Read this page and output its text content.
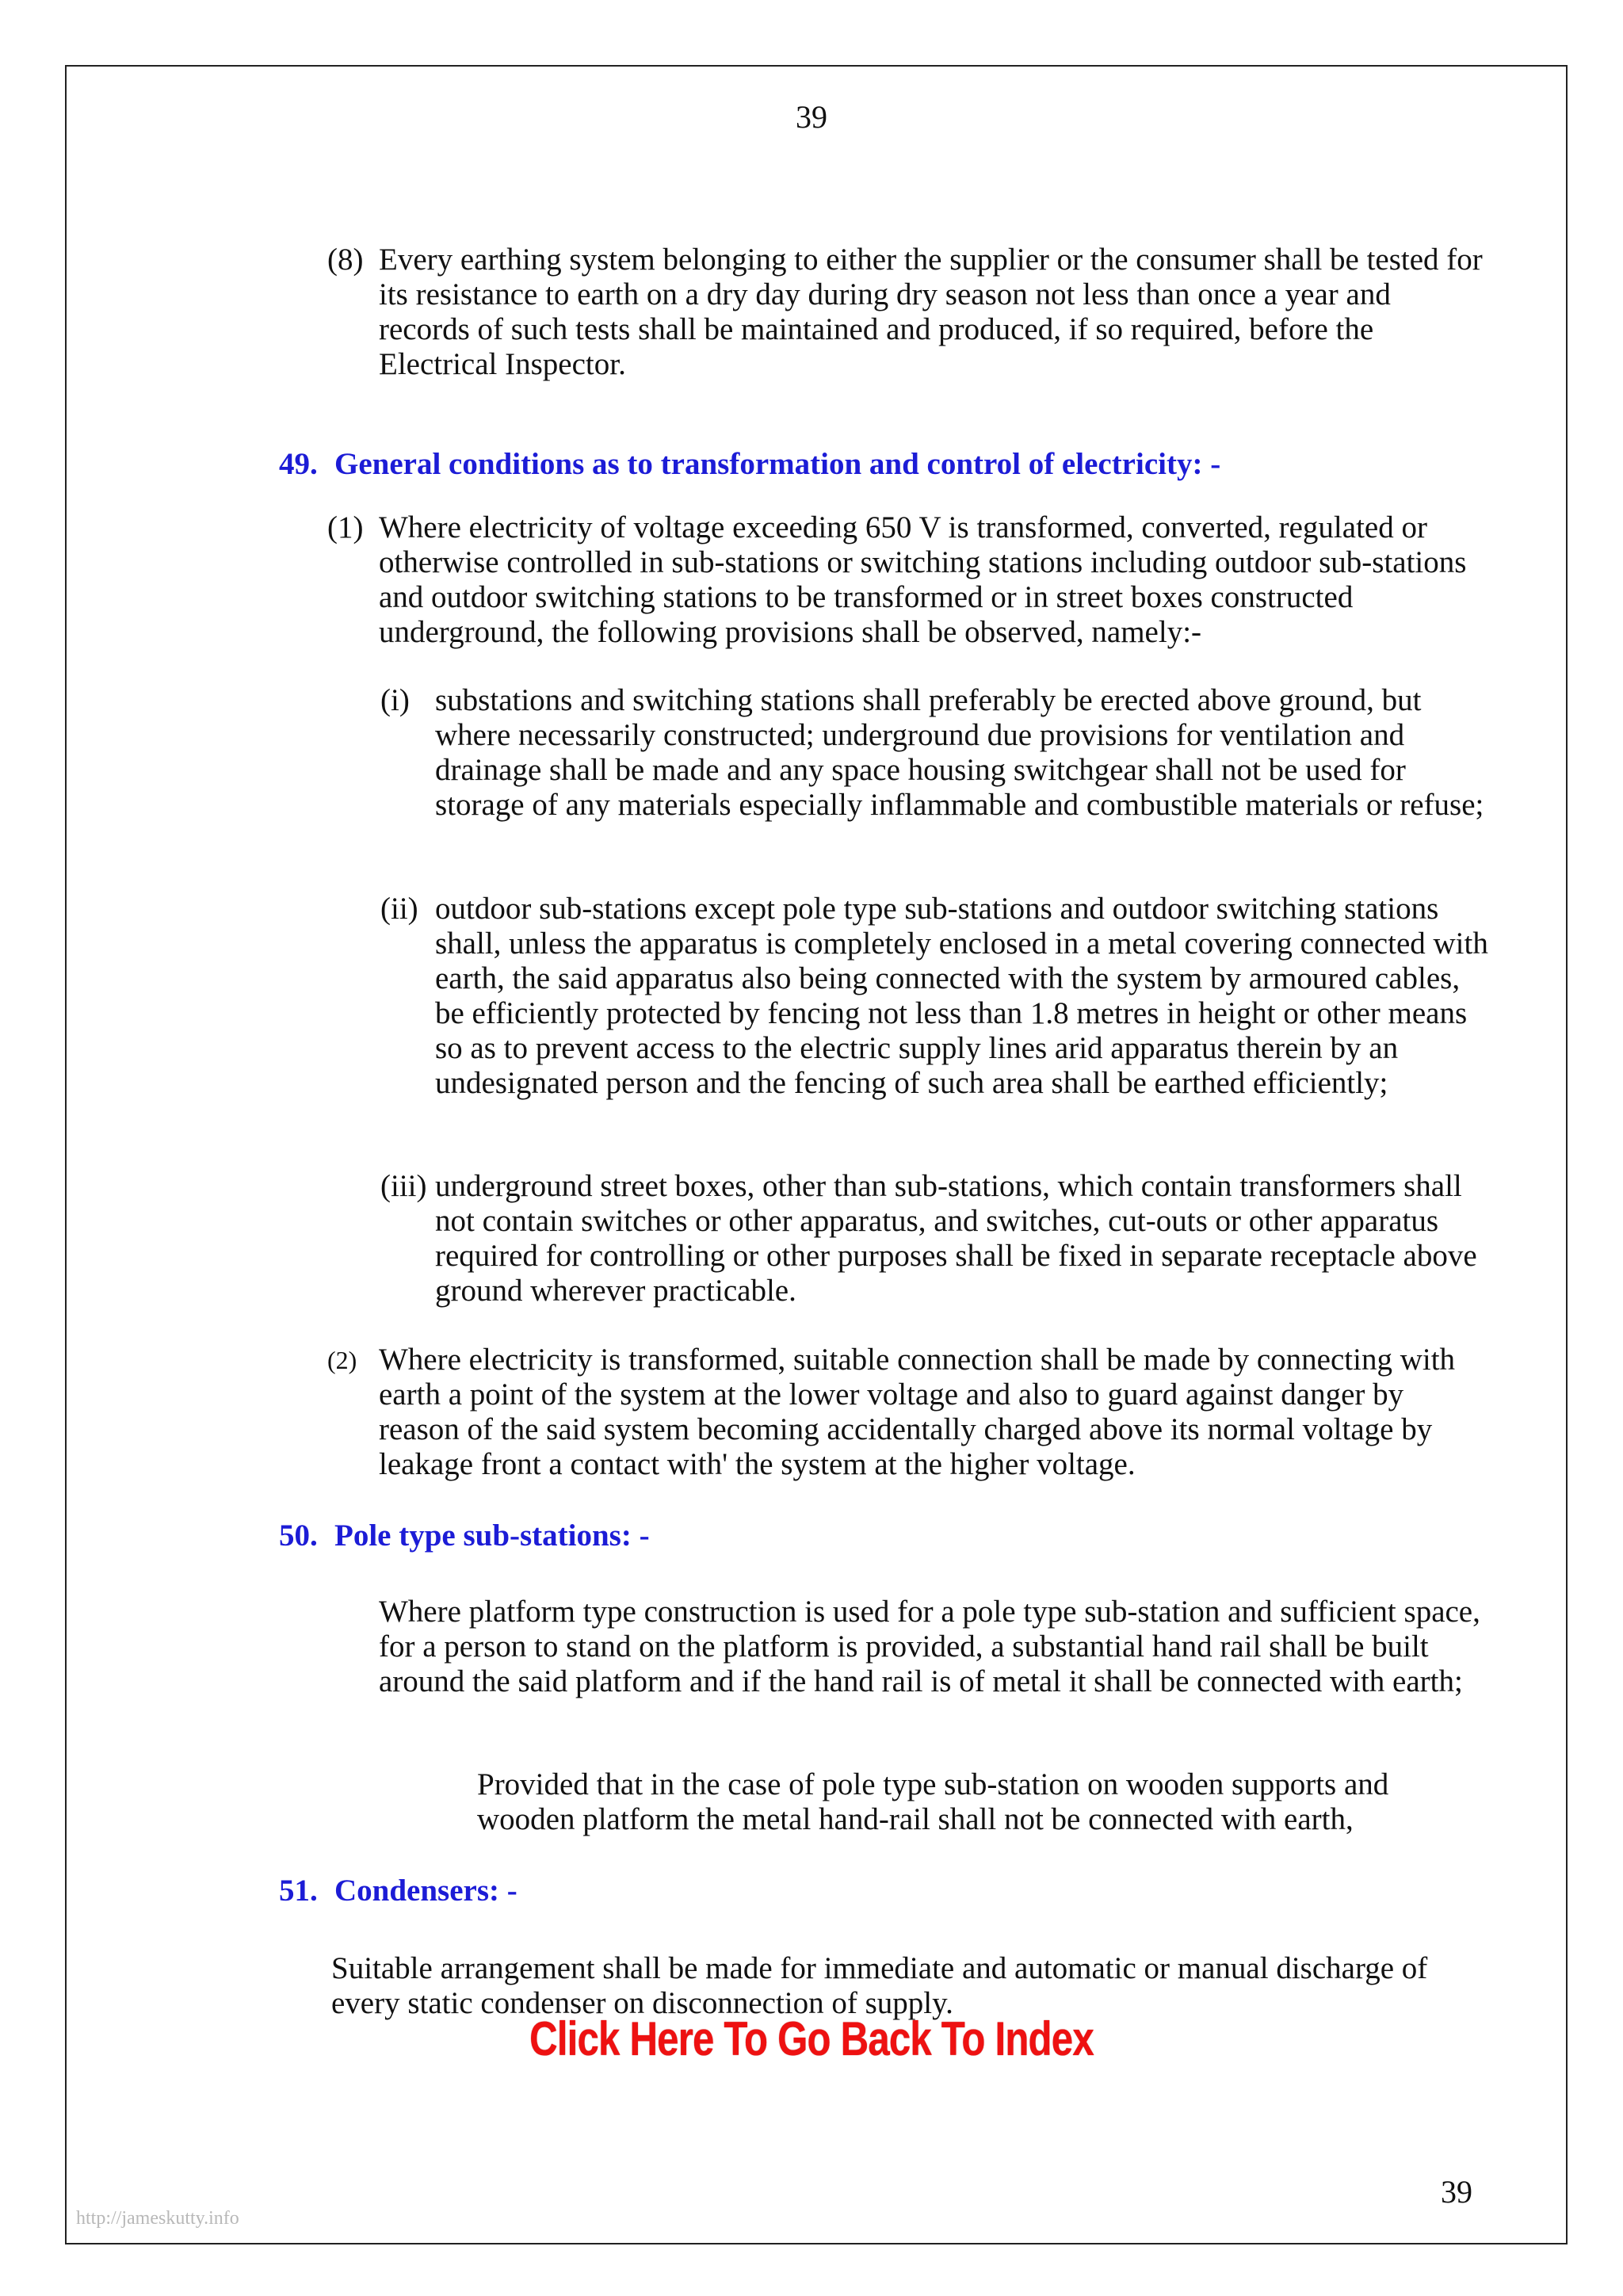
39
(8) Every earthing system belonging to either the supplier or the consumer shall be tested for its resistance to earth on a dry day during dry season not less than once a year and records of such tests shall be maintained and produced, if so required, before the Electrical Inspector.
49. General conditions as to transformation and control of electricity: -
(1) Where electricity of voltage exceeding 650 V is transformed, converted, regulated or otherwise controlled in sub-stations or switching stations including outdoor sub-stations and outdoor switching stations to be transformed or in street boxes constructed underground, the following provisions shall be observed, namely:-
(i) substations and switching stations shall preferably be erected above ground, but where necessarily constructed; underground due provisions for ventilation and drainage shall be made and any space housing switchgear shall not be used for storage of any materials especially inflammable and combustible materials or refuse;
(ii) outdoor sub-stations except pole type sub-stations and outdoor switching stations shall, unless the apparatus is completely enclosed in a metal covering connected with earth, the said apparatus also being connected with the system by armoured cables, be efficiently protected by fencing not less than 1.8 metres in height or other means so as to prevent access to the electric supply lines arid apparatus therein by an undesignated person and the fencing of such area shall be earthed efficiently;
(iii) underground street boxes, other than sub-stations, which contain transformers shall not contain switches or other apparatus, and switches, cut-outs or other apparatus required for controlling or other purposes shall be fixed in separate receptacle above ground wherever practicable.
(2) Where electricity is transformed, suitable connection shall be made by connecting with earth a point of the system at the lower voltage and also to guard against danger by reason of the said system becoming accidentally charged above its normal voltage by leakage front a contact with' the system at the higher voltage.
50. Pole type sub-stations: -
Where platform type construction is used for a pole type sub-station and sufficient space, for a person to stand on the platform is provided, a substantial hand rail shall be built around the said platform and if the hand rail is of metal it shall be connected with earth;
Provided that in the case of pole type sub-station on wooden supports and wooden platform the metal hand-rail shall not be connected with earth,
51. Condensers: -
Suitable arrangement shall be made for immediate and automatic or manual discharge of every static condenser on disconnection of supply.
Click Here To Go Back To Index
39
http://jameskutty.info
